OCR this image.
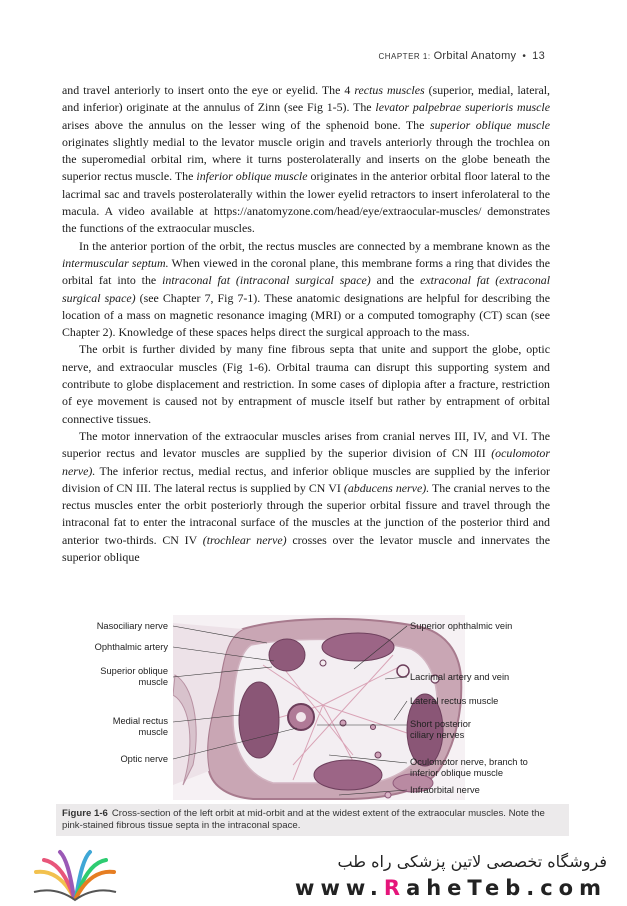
CHAPTER 1: Orbital Anatomy • 13

and travel anteriorly to insert onto the eye or eyelid. The 4 rectus muscles (superior, medial, lateral, and inferior) originate at the annulus of Zinn (see Fig 1-5). The levator palpebrae superioris muscle arises above the annulus on the lesser wing of the sphenoid bone. The superior oblique muscle originates slightly medial to the levator muscle origin and travels anteriorly through the trochlea on the superomedial orbital rim, where it turns posterolaterally and inserts on the globe beneath the superior rectus muscle. The inferior oblique muscle originates in the anterior orbital floor lateral to the lacrimal sac and travels posterolaterally within the lower eyelid retractors to insert inferolateral to the macula. A video available at https://anatomyzone.com/head/eye/extraocular-muscles/ demonstrates the functions of the extraocular muscles.

In the anterior portion of the orbit, the rectus muscles are connected by a membrane known as the intermuscular septum. When viewed in the coronal plane, this membrane forms a ring that divides the orbital fat into the intraconal fat (intraconal surgical space) and the extraconal fat (extraconal surgical space) (see Chapter 7, Fig 7-1). These anatomic designations are helpful for describing the location of a mass on magnetic resonance imaging (MRI) or a computed tomography (CT) scan (see Chapter 2). Knowledge of these spaces helps direct the surgical approach to the mass.

The orbit is further divided by many fine fibrous septa that unite and support the globe, optic nerve, and extraocular muscles (Fig 1-6). Orbital trauma can disrupt this supporting system and contribute to globe displacement and restriction. In some cases of diplopia after a fracture, restriction of eye movement is caused not by entrapment of muscle itself but rather by entrapment of orbital connective tissues.

The motor innervation of the extraocular muscles arises from cranial nerves III, IV, and VI. The superior rectus and levator muscles are supplied by the superior division of CN III (oculomotor nerve). The inferior rectus, medial rectus, and inferior oblique muscles are supplied by the inferior division of CN III. The lateral rectus is supplied by CN VI (abducens nerve). The cranial nerves to the rectus muscles enter the orbit posteriorly through the superior orbital fissure and travel through the intraconal fat to enter the intraconal surface of the muscles at the junction of the posterior third and anterior two-thirds. CN IV (trochlear nerve) crosses over the levator muscle and innervates the superior oblique

Nasociliary nerve
Ophthalmic artery
Superior oblique muscle
Medial rectus muscle
Optic nerve
Superior ophthalmic vein
Lacrimal artery and vein
Lateral rectus muscle
Short posterior ciliary nerves
Oculomotor nerve, branch to inferior oblique muscle
Infraorbital nerve
Figure 1-6 Cross-section of the left orbit at mid-orbit and at the widest extent of the extraocular muscles. Note the pink-stained fibrous tissue septa in the intraconal space.
فروشگاه تخصصی لاتین پزشکی راه طب
www.RaheTeb.com
